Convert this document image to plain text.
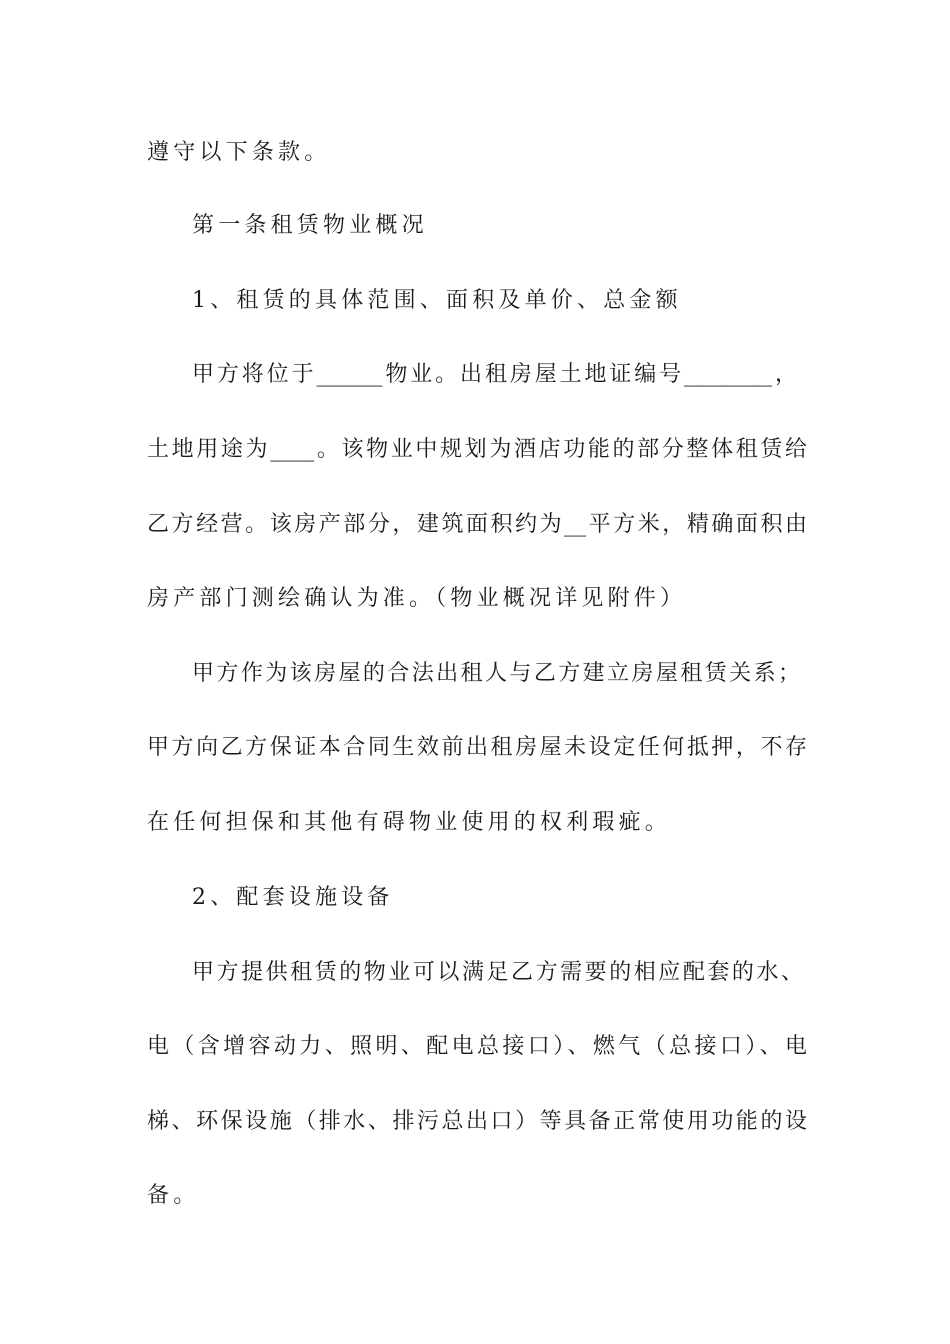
遵守以下条款。
第一条租赁物业概况
1、租赁的具体范围、面积及单价、总金额
甲方将位于______物业。出租房屋土地证编号________，
土地用途为____。该物业中规划为酒店功能的部分整体租赁给
乙方经营。该房产部分，建筑面积约为__平方米，精确面积由
房产部门测绘确认为准。（物业概况详见附件）
甲方作为该房屋的合法出租人与乙方建立房屋租赁关系；
甲方向乙方保证本合同生效前出租房屋未设定任何抵押，不存
在任何担保和其他有碍物业使用的权利瑕疵。
2、配套设施设备
甲方提供租赁的物业可以满足乙方需要的相应配套的水、
电（含增容动力、照明、配电总接口）、燃气（总接口）、电
梯、环保设施（排水、排污总出口）等具备正常使用功能的设
备。
